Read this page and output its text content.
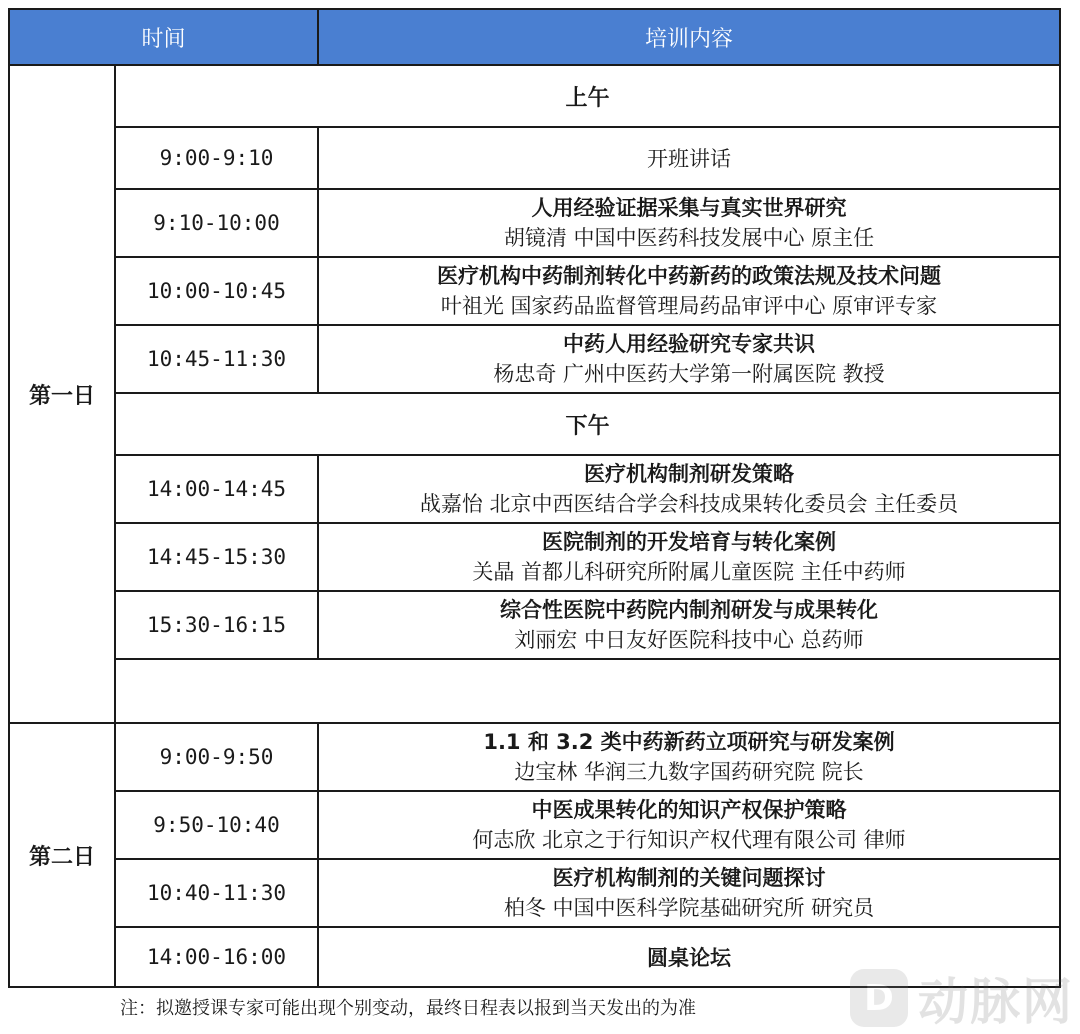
时间		培训内容
第一日	上午	
	9:00-9:10	开班讲话
	9:10-10:00	人用经验证据采集与真实世界研究
胡镜清 中国中医药科技发展中心 原主任

	10:00-10:45	医疗机构中药制剂转化中药新药的政策法规及技术问题
叶祖光 国家药品监督管理局药品审评中心 原审评专家

	10:45-11:30	中药人用经验研究专家共识
杨忠奇 广州中医药大学第一附属医院 教授

	下午	
	14:00-14:45	医疗机构制剂研发策略
战嘉怡 北京中西医结合学会科技成果转化委员会 主任委员

	14:45-15:30	医院制剂的开发培育与转化案例
关晶 首都儿科研究所附属儿童医院 主任中药师

	15:30-16:15	综合性医院中药院内制剂研发与成果转化
刘丽宏 中日友好医院科技中心 总药师

第二日	9:00-9:50	1.1 和 3.2 类中药新药立项研究与研发案例
边宝林 华润三九数字国药研究院 院长

	9:50-10:40	中医成果转化的知识产权保护策略
何志欣 北京之于行知识产权代理有限公司 律师

	10:40-11:30	医疗机构制剂的关键问题探讨
柏冬 中国中医科学院基础研究所 研究员

	14:00-16:00	圆桌论坛
注：拟邀授课专家可能出现个别变动，最终日程表以报到当天发出的为准	D 动脉网
